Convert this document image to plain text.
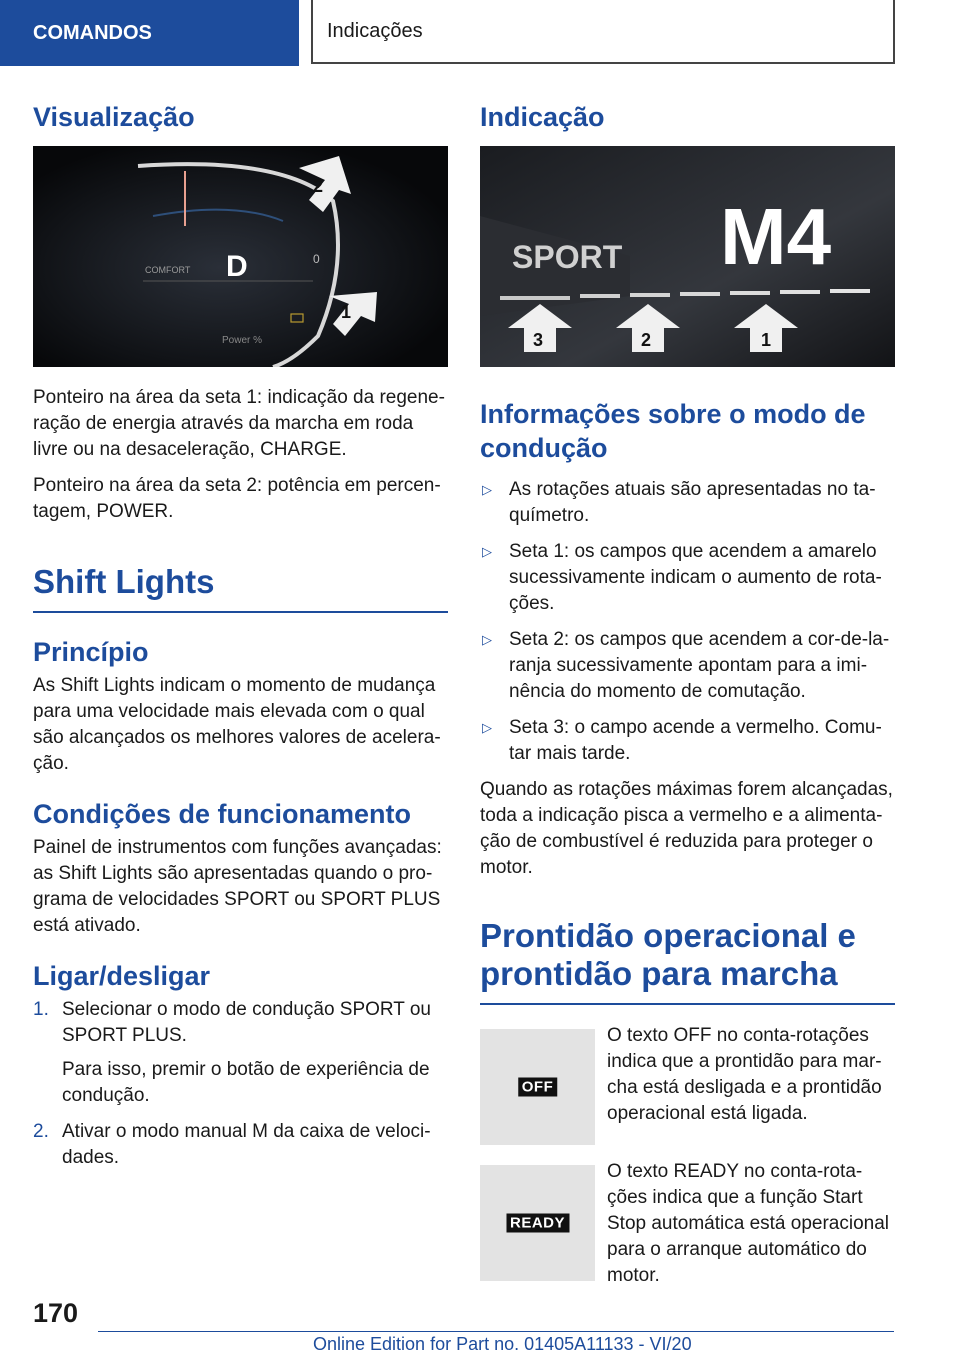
COMANDOS	Indicações
Visualização
COMFORT D	0
Power %
2
1

Ponteiro na área da seta 1: indicação da regeneração de energia através da marcha em roda livre ou na desaceleração, CHARGE.

Ponteiro na área da seta 2: potência em percentagem, POWER.

Shift Lights
Princípio

As Shift Lights indicam o momento de mudança para uma velocidade mais elevada com o qual são alcançados os melhores valores de aceleração.

Condições de funcionamento

Painel de instrumentos com funções avançadas: as Shift Lights são apresentadas quando o programa de velocidades SPORT ou SPORT PLUS está ativado.

Ligar/desligar
1. Selecionar o modo de condução SPORT ou SPORT PLUS.

Para isso, premir o botão de experiência de condução.

2. Ativar o modo manual M da caixa de velocidades.

Indicação
SPORT M4
3	2	1
Informações sobre o modo de condução
▷ As rotações atuais são apresentadas no taquímetro.
▷ Seta 1: os campos que acendem a amarelo sucessivamente indicam o aumento de rotações.
▷ Seta 2: os campos que acendem a cor-de-laranja sucessivamente apontam para a iminência do momento de comutação.
▷ Seta 3: o campo acende a vermelho. Comutar mais tarde.

Quando as rotações máximas forem alcançadas, toda a indicação pisca a vermelho e a alimentação de combustível é reduzida para proteger o motor.

Prontidão operacional e prontidão para marcha
OFF

O texto OFF no conta-rotações indica que a prontidão para marcha está desligada e a prontidão operacional está ligada.

READY

O texto READY no conta-rotações indica que a função Start Stop automática está operacional para o arranque automático do motor.

170
Online Edition for Part no. 01405A11133 - VI/20
